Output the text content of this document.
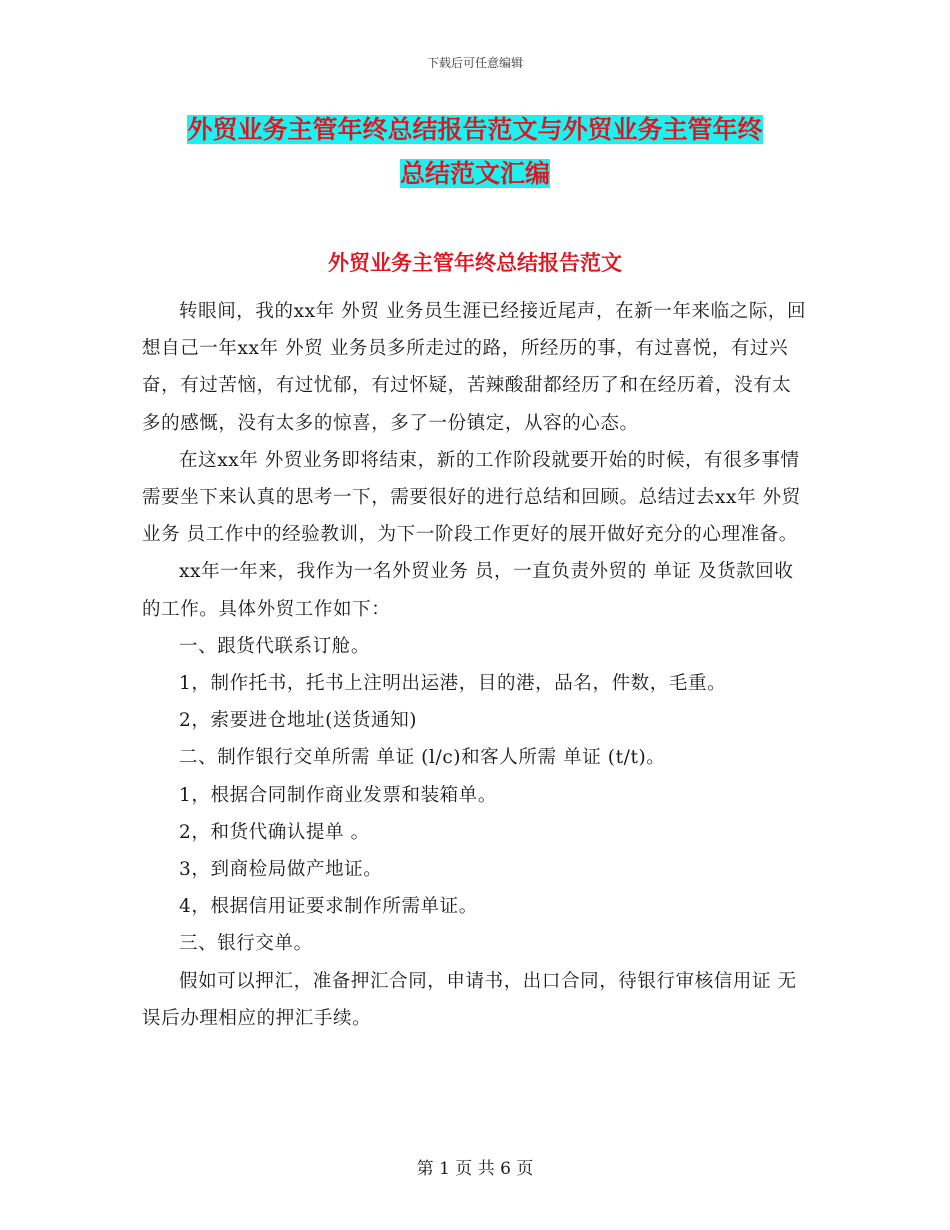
下载后可任意编辑
外贸业务主管年终总结报告范文与外贸业务主管年终
总结范文汇编
外贸业务主管年终总结报告范文

转眼间，我的xx年 外贸 业务员生涯已经接近尾声，在新一年来临之际，回想自己一年xx年 外贸 业务员多所走过的路，所经历的事，有过喜悦，有过兴奋，有过苦恼，有过忧郁，有过怀疑，苦辣酸甜都经历了和在经历着，没有太多的感慨，没有太多的惊喜，多了一份镇定，从容的心态。

在这xx年 外贸业务即将结束，新的工作阶段就要开始的时候，有很多事情需要坐下来认真的思考一下，需要很好的进行总结和回顾。总结过去xx年 外贸业务 员工作中的经验教训，为下一阶段工作更好的展开做好充分的心理准备。

xx年一年来，我作为一名外贸业务 员，一直负责外贸的 单证 及货款回收的工作。具体外贸工作如下：

一、跟货代联系订舱。

1，制作托书，托书上注明出运港，目的港，品名，件数，毛重。

2，索要进仓地址(送货通知)

二、制作银行交单所需 单证 (l/c)和客人所需 单证 (t/t)。

1，根据合同制作商业发票和装箱单。

2，和货代确认提单 。

3，到商检局做产地证。

4，根据信用证要求制作所需单证。

三、银行交单。

假如可以押汇，准备押汇合同，申请书，出口合同，待银行审核信用证 无误后办理相应的押汇手续。

第 1 页 共 6 页
